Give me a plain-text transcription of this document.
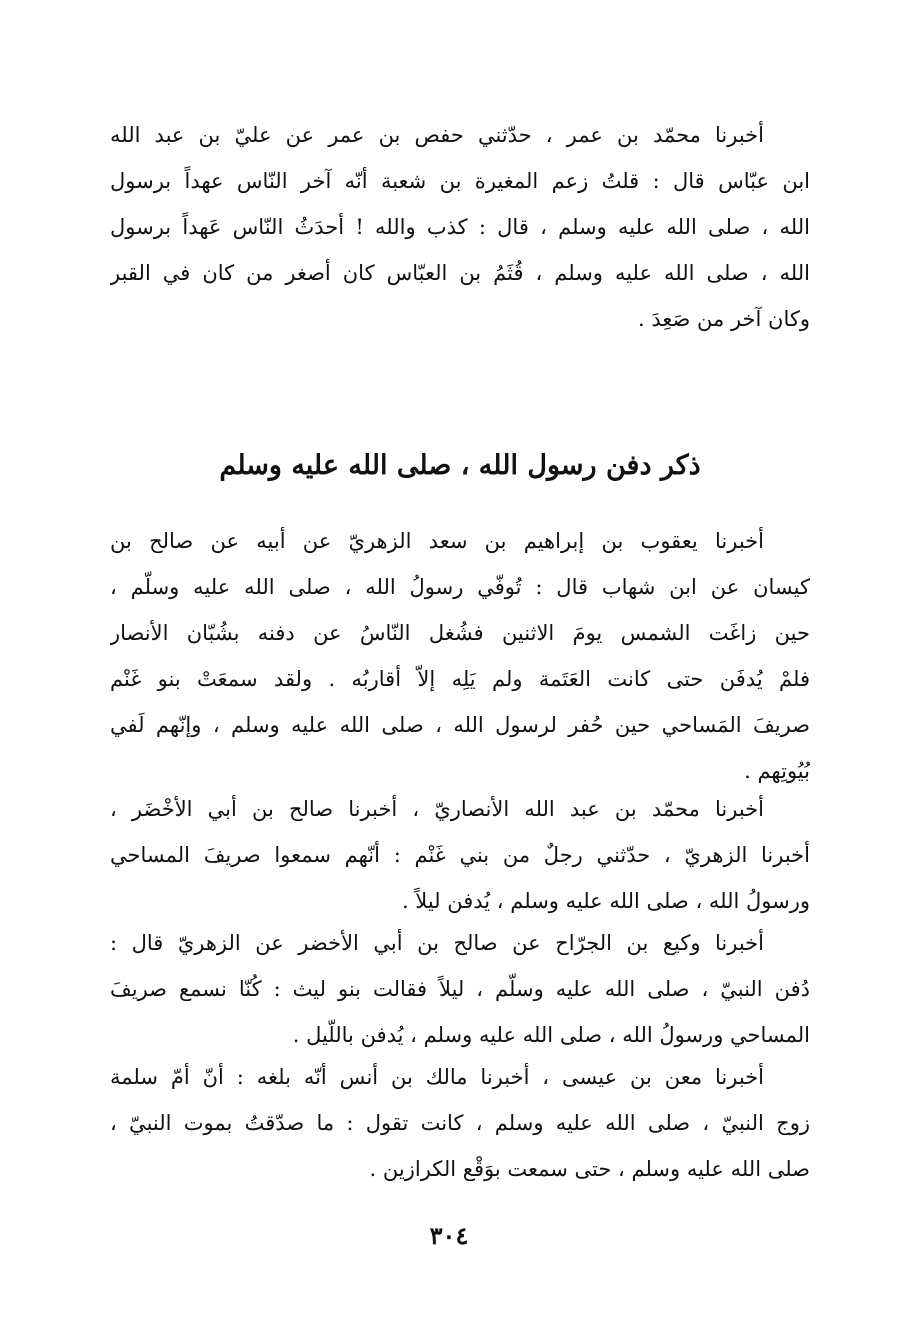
أخبرنا محمّد بن عمر ، حدّثني حفص بن عمر عن عليّ بن عبد الله
ابن عبّاس قال : قلتُ زعم المغيرة بن شعبة أنّه آخر النّاس عهداً برسول
الله ، صلى الله عليه وسلم ، قال : كذب والله ! أحدَثُ النّاس عَهداً برسول
الله ، صلى الله عليه وسلم ، قُثَمُ بن العبّاس كان أصغر من كان في القبر
وكان آخر من صَعِدَ .
ذكر دفن رسول الله ، صلى الله عليه وسلم
أخبرنا يعقوب بن إبراهيم بن سعد الزهريّ عن أبيه عن صالح بن
كيسان عن ابن شهاب قال : تُوفّي رسولُ الله ، صلى الله عليه وسلّم ،
حين زاغَت الشمس يومَ الاثنين فشُغل النّاسُ عن دفنه بشُبّان الأنصار
فلمْ يُدفَن حتى كانت العَتَمة ولم يَلِه إلاّ أقاربُه . ولقد سمعَتْ بنو غَنْم
صريفَ المَساحي حين حُفر لرسول الله ، صلى الله عليه وسلم ، وإنّهم لَفي
بُيُوتِهم .
أخبرنا محمّد بن عبد الله الأنصاريّ ، أخبرنا صالح بن أبي الأخْضَر ،
أخبرنا الزهريّ ، حدّثني رجلٌ من بني غَنْم : أنّهم سمعوا صريفَ المساحي
ورسولُ الله ، صلى الله عليه وسلم ، يُدفن ليلاً .
أخبرنا وكيع بن الجرّاح عن صالح بن أبي الأخضر عن الزهريّ قال :
دُفن النبيّ ، صلى الله عليه وسلّم ، ليلاً فقالت بنو ليث : كُنّا نسمع صريفَ
المساحي ورسولُ الله ، صلى الله عليه وسلم ، يُدفن باللّيل .
أخبرنا معن بن عيسى ، أخبرنا مالك بن أنس أنّه بلغه : أنّ أمّ سلمة
زوج النبيّ ، صلى الله عليه وسلم ، كانت تقول : ما صدّقتُ بموت النبيّ ،
صلى الله عليه وسلم ، حتى سمعت بوَقْع الكرازين .
٣٠٤
